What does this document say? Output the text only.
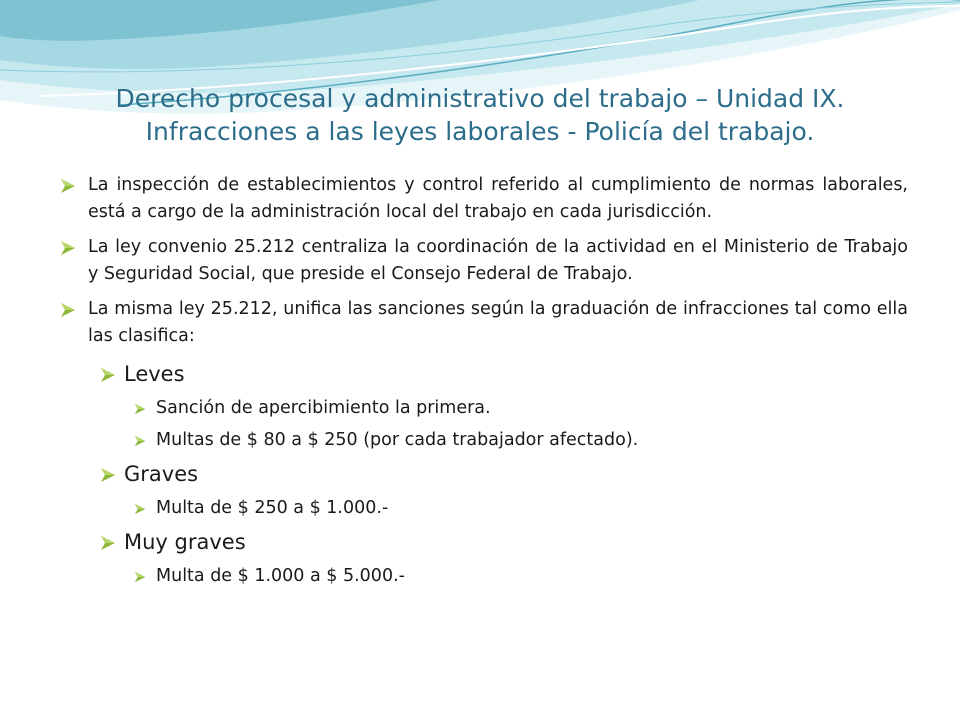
Derecho procesal y administrativo del trabajo – Unidad IX.
Infracciones a las leyes laborales - Policía del trabajo.
La inspección de establecimientos y control referido al cumplimiento de normas laborales, está a cargo de la administración local del trabajo en cada jurisdicción.
La ley convenio 25.212 centraliza la coordinación de la actividad en el Ministerio de Trabajo y Seguridad Social, que preside el Consejo Federal de Trabajo.
La misma ley 25.212, unifica las sanciones según la graduación de infracciones tal como ella las clasifica:
Leves
Sanción de apercibimiento la primera.
Multas de $ 80 a $ 250 (por cada trabajador afectado).
Graves
Multa de $ 250 a $ 1.000.-
Muy graves
Multa de $ 1.000 a $ 5.000.-
